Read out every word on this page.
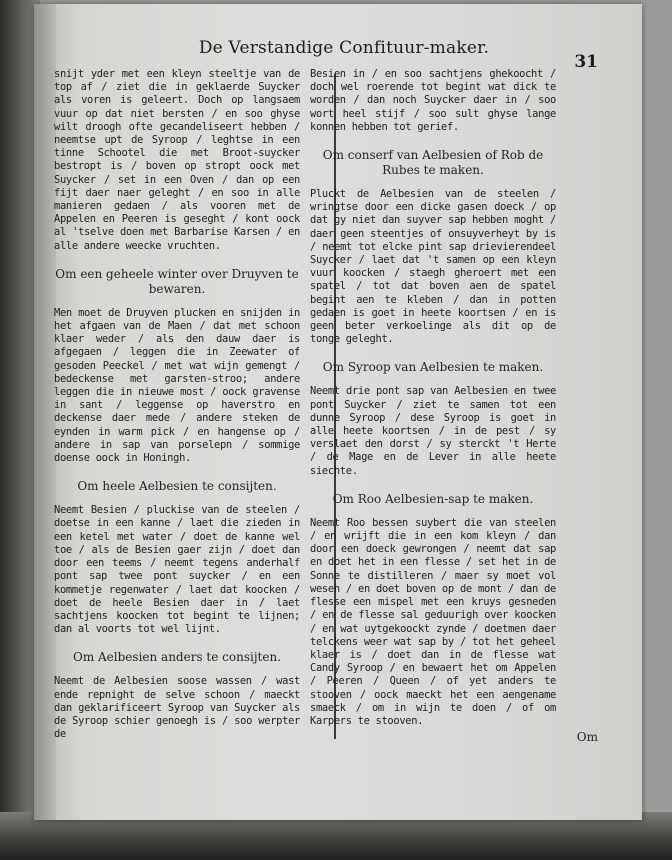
De Verstandige Confituur-maker.
31

snijt yder met een kleyn steeltje van de top af / ziet die in geklaerde Suycker als voren is geleert. Doch op langsaem vuur op dat niet bersten / en soo ghyse wilt droogh ofte gecandeliseert hebben / neemtse upt de Syroop / leghtse in een tinne Schootel die met Broot-suycker bestropt is / boven op stropt oock met Suycker / set in een Oven / dan op een fijt daer naer geleght / en soo in alle manieren gedaen / als vooren met de Appelen en Peeren is geseght / kont oock al 'tselve doen met Barbarise Karsen / en alle andere weecke vruchten.

Om een geheele winter over Druyven te bewaren.

Men moet de Druyven plucken en snijden in het afgaen van de Maen / dat met schoon klaer weder / als den dauw daer is afgegaen / leggen die in Zeewater of gesoden Peeckel / met wat wijn gemengt / bedeckense met garsten-stroo; andere leggen die in nieuwe most / oock gravense in sant / leggense op haverstro en deckense daer mede / andere steken de eynden in warm pick / en hangense op / andere in sap van porselepn / sommige doense oock in Honingh.

Om heele Aelbesien te consijten.

Neemt Besien / pluckise van de steelen / doetse in een kanne / laet die zieden in een ketel met water / doet de kanne wel toe / als de Besien gaer zijn / doet dan door een teems / neemt tegens anderhalf pont sap twee pont suycker / en een kommetje regenwater / laet dat koocken / doet de heele Besien daer in / laet sachtjens koocken tot begint te lijnen; dan al voorts tot wel lijnt.

Om Aelbesien anders te consijten.

Neemt de Aelbesien soose wassen / wast ende repnight de selve schoon / maeckt dan geklarificeert Syroop van Suycker als de Syroop schier genoegh is / soo werpter de

Besien in / en soo sachtjens ghekoocht / doch wel roerende tot begint wat dick te worden / dan noch Suycker daer in / soo wort heel stijf / soo sult ghyse lange konnen hebben tot gerief.

Om conserf van Aelbesien of Rob de Rubes te maken.

Pluckt de Aelbesien van de steelen / wringtse door een dicke gasen doeck / op dat gy niet dan suyver sap hebben moght / daer geen steentjes of onsuyverheyt by is / neemt tot elcke pint sap drievierendeel Suycker / laet dat 't samen op een kleyn vuur koocken / staegh gheroert met een spatel / tot dat boven aen de spatel begint aen te kleben / dan in potten gedaen is goet in heete koortsen / en is geen beter verkoelinge als dit op de tonge geleght.

Om Syroop van Aelbesien te maken.

Neemt drie pont sap van Aelbesien en twee pont Suycker / ziet te samen tot een dunne Syroop / dese Syroop is goet in alle heete koortsen / in de pest / sy verslaet den dorst / sy sterckt 't Herte / de Mage en de Lever in alle heete siechte.

Om Roo Aelbesien-sap te maken.

Neemt Roo bessen suybert die van steelen / en wrijft die in een kom kleyn / dan door een doeck gewrongen / neemt dat sap en doet het in een flesse / set het in de Sonne te distilleren / maer sy moet vol wesen / en doet boven op de mont / dan de flesse een mispel met een kruys gesneden / en de flesse sal geduurigh over koocken / en wat uytgekoockt zynde / doetmen daer telckens weer wat sap by / tot het geheel klaer is / doet dan in de flesse wat Candy Syroop / en bewaert het om Appelen / Peeren / Queen / of yet anders te stooven / oock maeckt het een aengename smaeck / om in wijn te doen / of om Karpers te stooven.

Om
